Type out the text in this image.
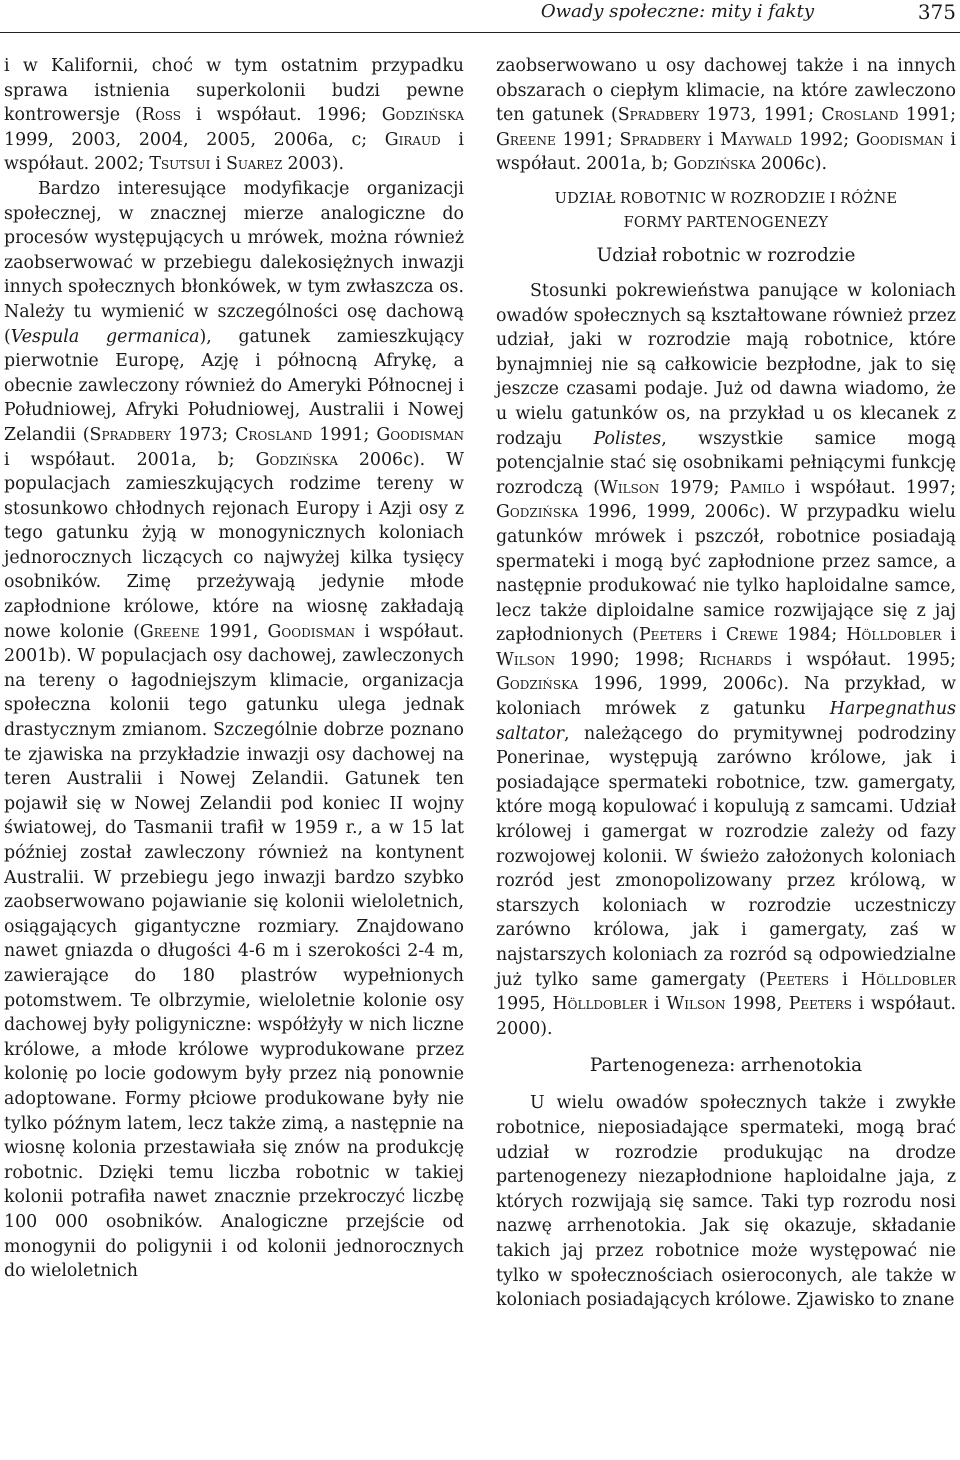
Owady społeczne: mity i fakty	375

i w Kalifornii, choć w tym ostatnim przypadku sprawa istnienia superkolonii budzi pewne kontrowersje (Ross i współaut. 1996; Godzińska 1999, 2003, 2004, 2005, 2006a, c; Giraud i współaut. 2002; Tsutsui i Suarez 2003).

Bardzo interesujące modyfikacje organizacji społecznej, w znacznej mierze analogiczne do procesów występujących u mrówek, można również zaobserwować w przebiegu dalekosiężnych inwazji innych społecznych błonkówek, w tym zwłaszcza os. Należy tu wymienić w szczególności osę dachową (Vespula germanica), gatunek zamieszkujący pierwotnie Europę, Azję i północną Afrykę, a obecnie zawleczony również do Ameryki Północnej i Południowej, Afryki Południowej, Australii i Nowej Zelandii (Spradbery 1973; Crosland 1991; Goodisman i współaut. 2001a, b; Godzińska 2006c). W populacjach zamieszkujących rodzime tereny w stosunkowo chłodnych rejonach Europy i Azji osy z tego gatunku żyją w monogynicznych koloniach jednorocznych liczących co najwyżej kilka tysięcy osobników. Zimę przeżywają jedynie młode zapłodnione królowe, które na wiosnę zakładają nowe kolonie (Greene 1991, Goodisman i współaut. 2001b). W populacjach osy dachowej, zawleczonych na tereny o łagodniejszym klimacie, organizacja społeczna kolonii tego gatunku ulega jednak drastycznym zmianom. Szczególnie dobrze poznano te zjawiska na przykładzie inwazji osy dachowej na teren Australii i Nowej Zelandii. Gatunek ten pojawił się w Nowej Zelandii pod koniec II wojny światowej, do Tasmanii trafił w 1959 r., a w 15 lat później został zawleczony również na kontynent Australii. W przebiegu jego inwazji bardzo szybko zaobserwowano pojawianie się kolonii wieloletnich, osiągających gigantyczne rozmiary. Znajdowano nawet gniazda o długości 4-6 m i szerokości 2-4 m, zawierające do 180 plastrów wypełnionych potomstwem. Te olbrzymie, wieloletnie kolonie osy dachowej były poligyniczne: współżyły w nich liczne królowe, a młode królowe wyprodukowane przez kolonię po locie godowym były przez nią ponownie adoptowane. Formy płciowe produkowane były nie tylko późnym latem, lecz także zimą, a następnie na wiosnę kolonia przestawiała się znów na produkcję robotnic. Dzięki temu liczba robotnic w takiej kolonii potrafiła nawet znacznie przekroczyć liczbę 100 000 osobników. Analogiczne przejście od monogynii do poligynii i od kolonii jednorocznych do wieloletnich

zaobserwowano u osy dachowej także i na innych obszarach o ciepłym klimacie, na które zawleczono ten gatunek (Spradbery 1973, 1991; Crosland 1991; Greene 1991; Spradbery i Maywald 1992; Goodisman i współaut. 2001a, b; Godzińska 2006c).

UDZIAŁ ROBOTNIC W ROZRODZIE I RÓŻNE
FORMY PARTENOGENEZY
Udział robotnic w rozrodzie

Stosunki pokrewieństwa panujące w koloniach owadów społecznych są kształtowane również przez udział, jaki w rozrodzie mają robotnice, które bynajmniej nie są całkowicie bezpłodne, jak to się jeszcze czasami podaje. Już od dawna wiadomo, że u wielu gatunków os, na przykład u os klecanek z rodzaju Polistes, wszystkie samice mogą potencjalnie stać się osobnikami pełniącymi funkcję rozrodczą (Wilson 1979; Pamilo i współaut. 1997; Godzińska 1996, 1999, 2006c). W przypadku wielu gatunków mrówek i pszczół, robotnice posiadają spermateki i mogą być zapłodnione przez samce, a następnie produkować nie tylko haploidalne samce, lecz także diploidalne samice rozwijające się z jaj zapłodnionych (Peeters i Crewe 1984; Hölldobler i Wilson 1990; 1998; Richards i współaut. 1995; Godzińska 1996, 1999, 2006c). Na przykład, w koloniach mrówek z gatunku Harpegnathus saltator, należącego do prymitywnej podrodziny Ponerinae, występują zarówno królowe, jak i posiadające spermateki robotnice, tzw. gamergaty, które mogą kopulować i kopulują z samcami. Udział królowej i gamergat w rozrodzie zależy od fazy rozwojowej kolonii. W świeżo założonych koloniach rozród jest zmonopolizowany przez królową, w starszych koloniach w rozrodzie uczestniczy zarówno królowa, jak i gamergaty, zaś w najstarszych koloniach za rozród są odpowiedzialne już tylko same gamergaty (Peeters i Hölldobler 1995, Hölldobler i Wilson 1998, Peeters i współaut. 2000).

Partenogeneza: arrhenotokia

U wielu owadów społecznych także i zwykłe robotnice, nieposiadające spermateki, mogą brać udział w rozrodzie produkując na drodze partenogenezy niezapłodnione haploidalne jaja, z których rozwijają się samce. Taki typ rozrodu nosi nazwę arrhenotokia. Jak się okazuje, składanie takich jaj przez robotnice może występować nie tylko w społecznościach osieroconych, ale także w koloniach posiadających królowe. Zjawisko to znane
